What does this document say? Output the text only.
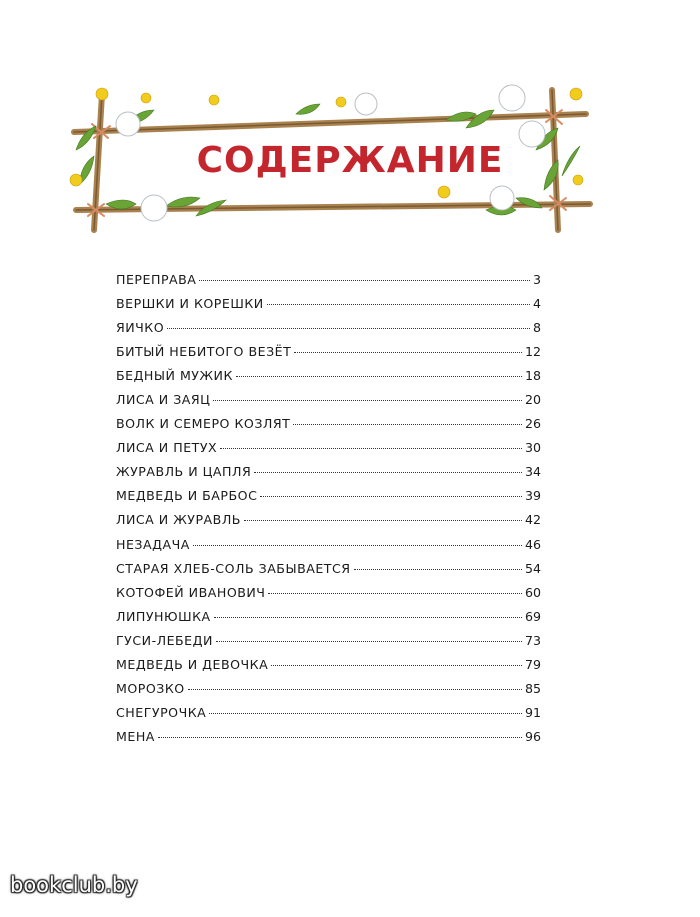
СОДЕРЖАНИЕ
ПЕРЕПРАВА	3
ВЕРШКИ И КОРЕШКИ	4
ЯИЧКО	8
БИТЫЙ НЕБИТОГО ВЕЗЁТ	12
БЕДНЫЙ МУЖИК	18
ЛИСА И ЗАЯЦ	20
ВОЛК И СЕМЕРО КОЗЛЯТ	26
ЛИСА И ПЕТУХ	30
ЖУРАВЛЬ И ЦАПЛЯ	34
МЕДВЕДЬ И БАРБОС	39
ЛИСА И ЖУРАВЛЬ	42
НЕЗАДАЧА	46
СТАРАЯ ХЛЕБ-СОЛЬ ЗАБЫВАЕТСЯ	54
КОТОФЕЙ ИВАНОВИЧ	60
ЛИПУНЮШКА	69
ГУСИ-ЛЕБЕДИ	73
МЕДВЕДЬ И ДЕВОЧКА	79
МОРОЗКО	85
СНЕГУРОЧКА	91
МЕНА	96
bookclub.by
